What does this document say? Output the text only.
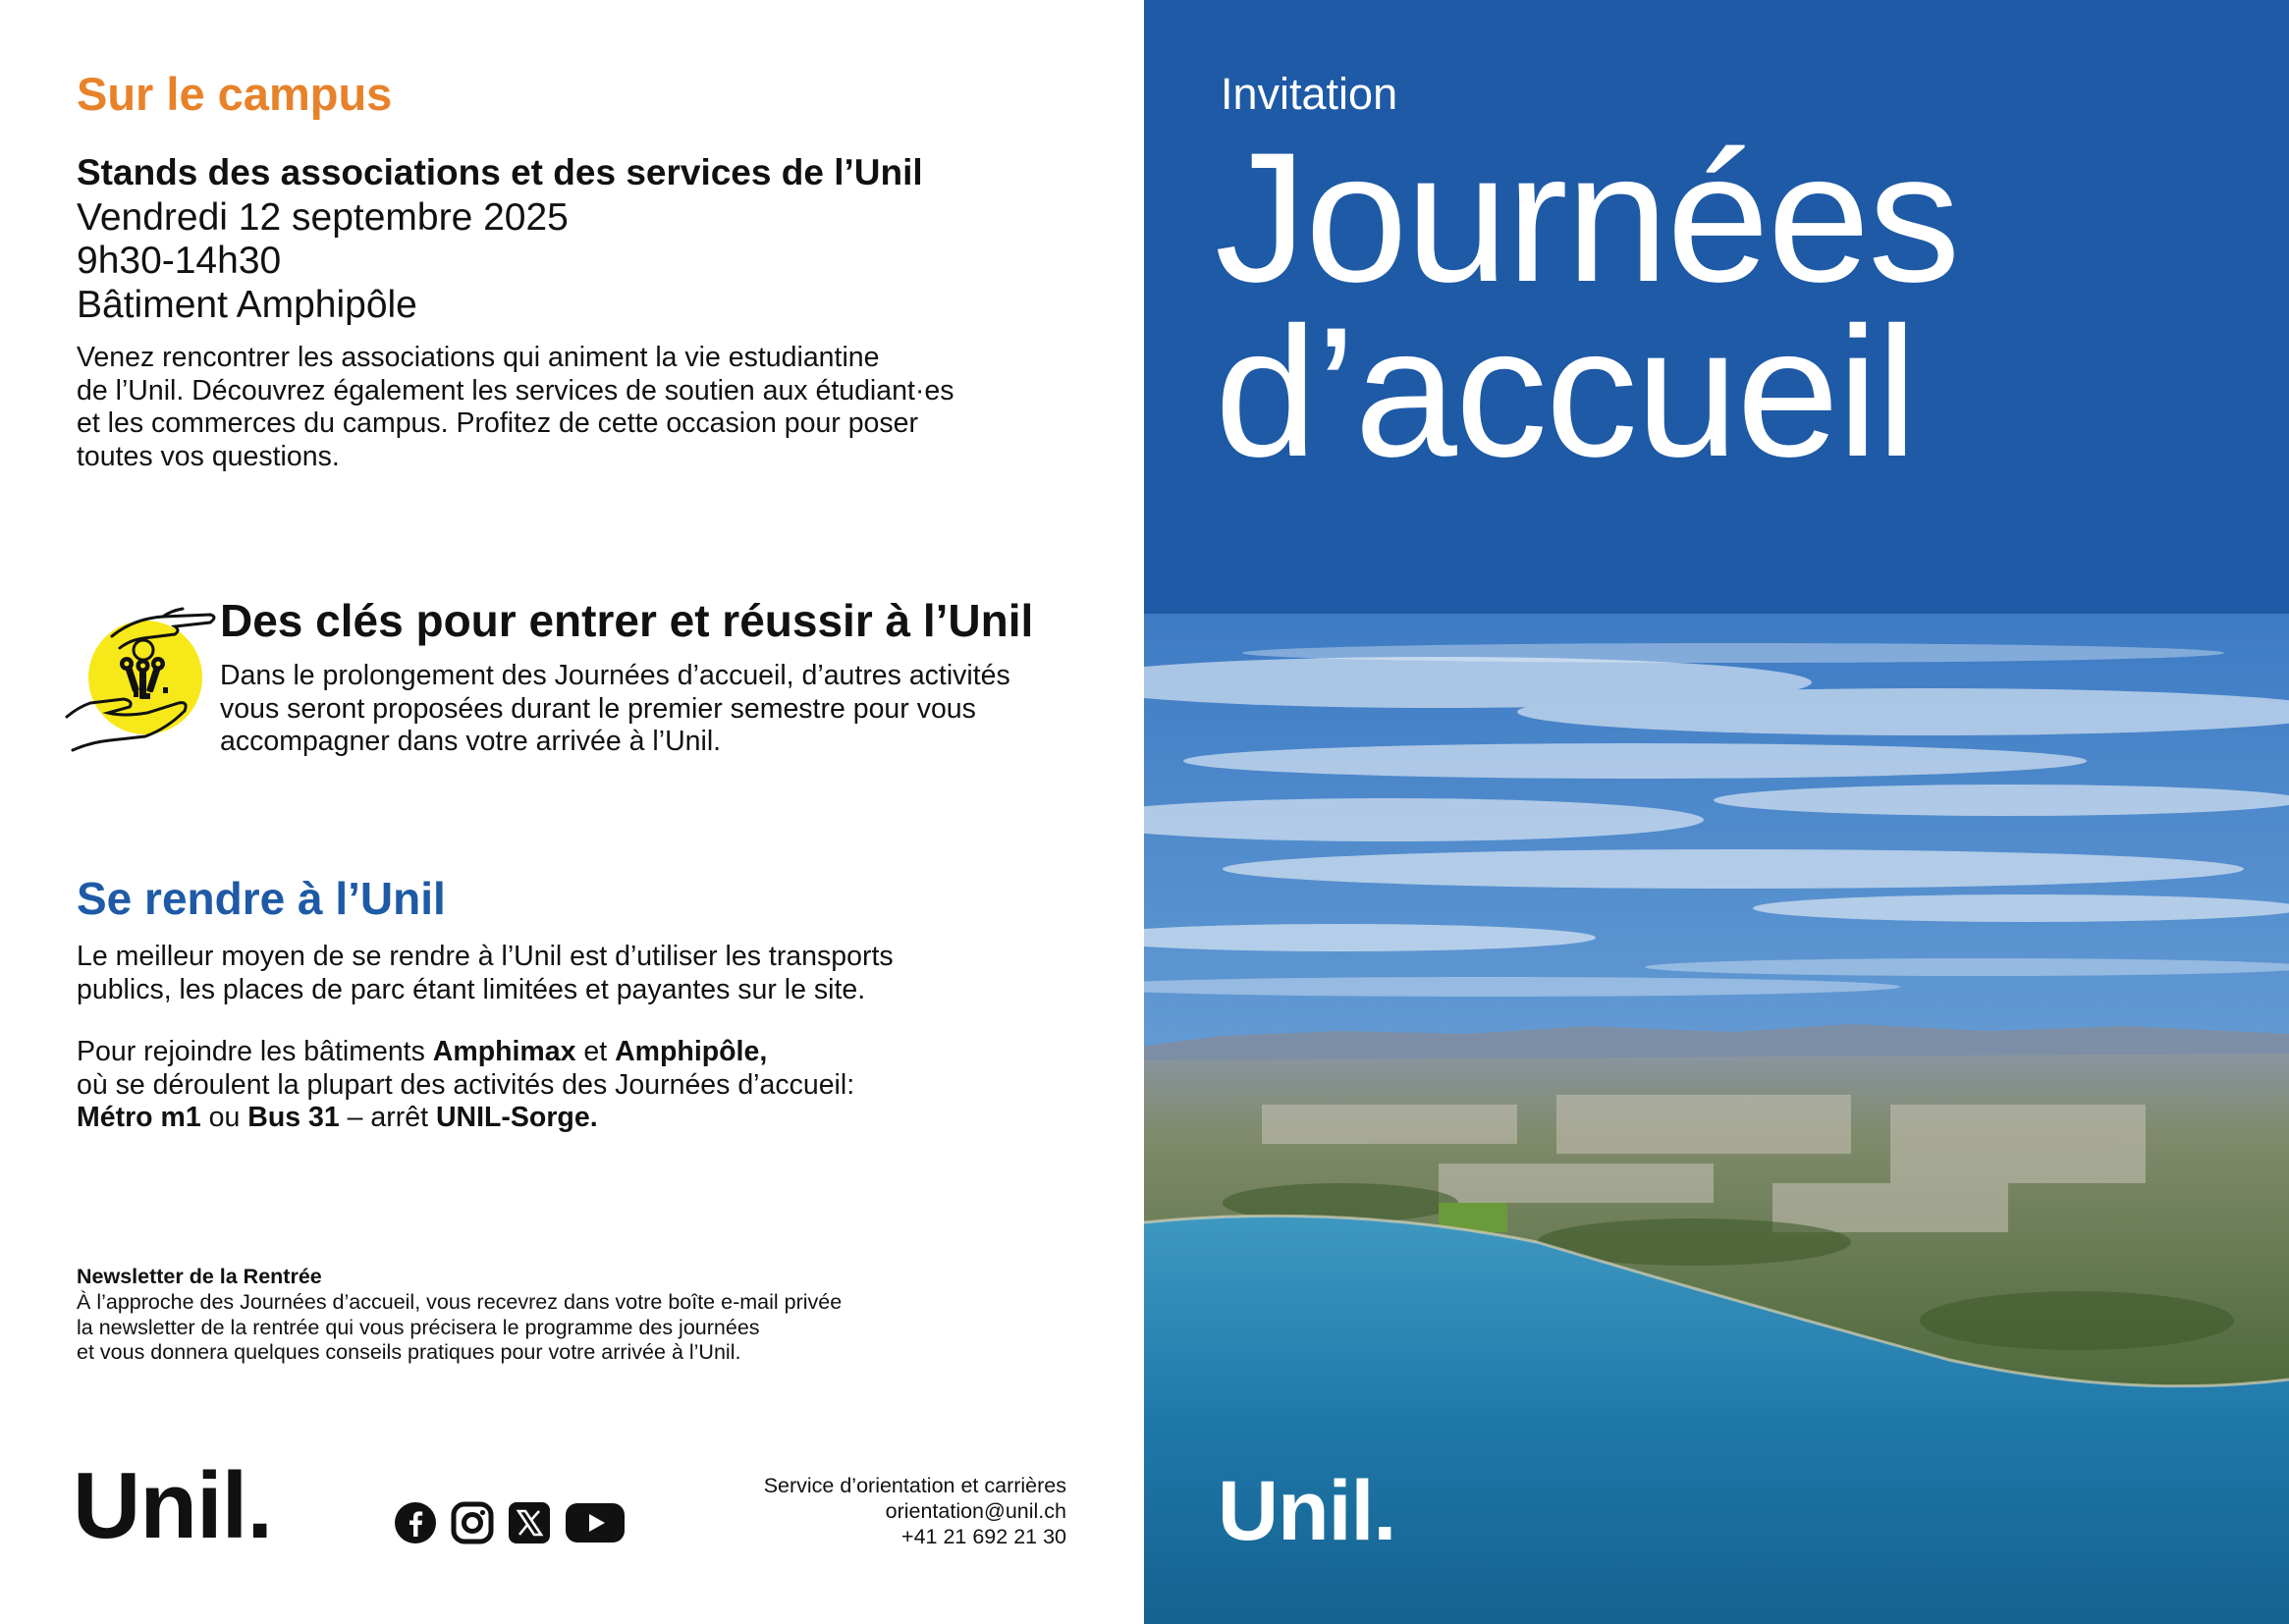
Sur le campus
Stands des associations et des services de l’Unil
Vendredi 12 septembre 2025
9h30-14h30
Bâtiment Amphipôle
Venez rencontrer les associations qui animent la vie estudiantine
de l’Unil. Découvrez également les services de soutien aux étudiant·es
et les commerces du campus. Profitez de cette occasion pour poser
toutes vos questions.
Des clés pour entrer et réussir à l’Unil
Dans le prolongement des Journées d’accueil, d’autres activités
vous seront proposées durant le premier semestre pour vous
accompagner dans votre arrivée à l’Unil.
Se rendre à l’Unil
Le meilleur moyen de se rendre à l’Unil est d’utiliser les transports
publics, les places de parc étant limitées et payantes sur le site.
Pour rejoindre les bâtiments Amphimax et Amphipôle,
où se déroulent la plupart des activités des Journées d’accueil:
Métro m1 ou Bus 31 – arrêt UNIL-Sorge.
Newsletter de la Rentrée
À l’approche des Journées d’accueil, vous recevrez dans votre boîte e-mail privée
la newsletter de la rentrée qui vous précisera le programme des journées
et vous donnera quelques conseils pratiques pour votre arrivée à l’Unil.
Unil.	Service d’orientation et carrières
orientation@unil.ch
+41 21 692 21 30
Invitation
Journées
d’accueil
Unil.
